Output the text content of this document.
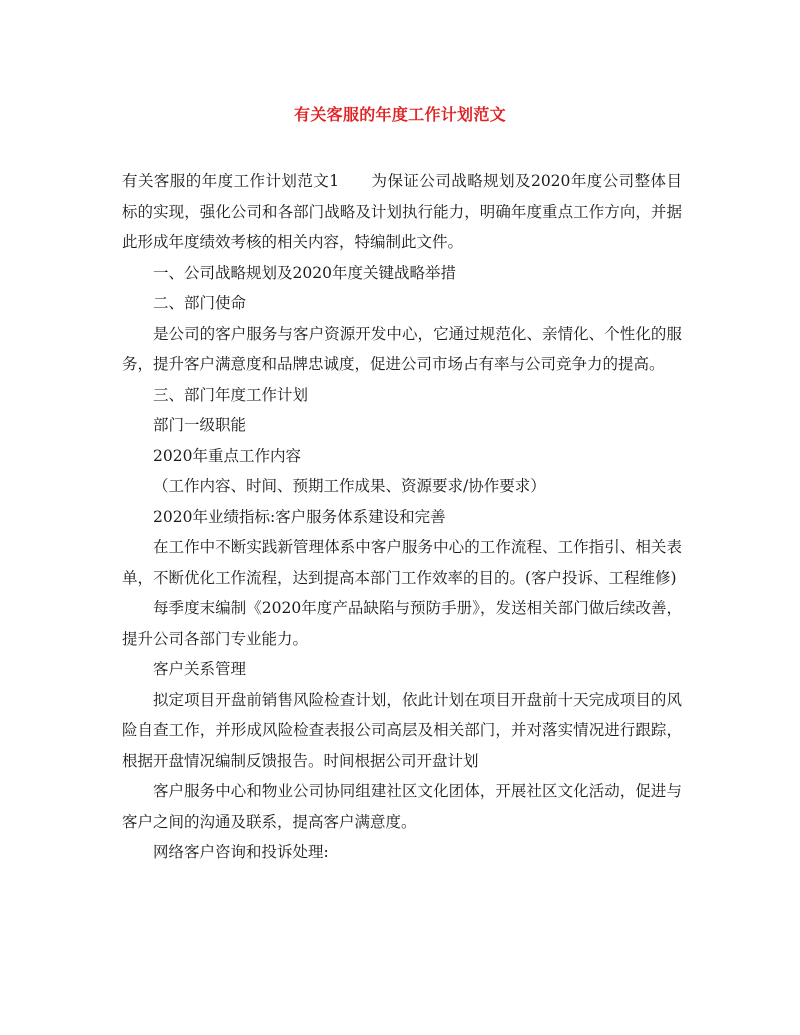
有关客服的年度工作计划范文

有关客服的年度工作计划范文1 为保证公司战略规划及2020年度公司整体目标的实现，强化公司和各部门战略及计划执行能力，明确年度重点工作方向，并据此形成年度绩效考核的相关内容，特编制此文件。

一、公司战略规划及2020年度关键战略举措

二、部门使命

是公司的客户服务与客户资源开发中心，它通过规范化、亲情化、个性化的服务，提升客户满意度和品牌忠诚度，促进公司市场占有率与公司竞争力的提高。

三、部门年度工作计划

部门一级职能

2020年重点工作内容

（工作内容、时间、预期工作成果、资源要求/协作要求）

2020年业绩指标:客户服务体系建设和完善

在工作中不断实践新管理体系中客户服务中心的工作流程、工作指引、相关表单，不断优化工作流程，达到提高本部门工作效率的目的。(客户投诉、工程维修)

每季度末编制《2020年度产品缺陷与预防手册》，发送相关部门做后续改善，提升公司各部门专业能力。

客户关系管理

拟定项目开盘前销售风险检查计划，依此计划在项目开盘前十天完成项目的风险自查工作，并形成风险检查表报公司高层及相关部门，并对落实情况进行跟踪，根据开盘情况编制反馈报告。时间根据公司开盘计划

客户服务中心和物业公司协同组建社区文化团体，开展社区文化活动，促进与客户之间的沟通及联系，提高客户满意度。

网络客户咨询和投诉处理:
